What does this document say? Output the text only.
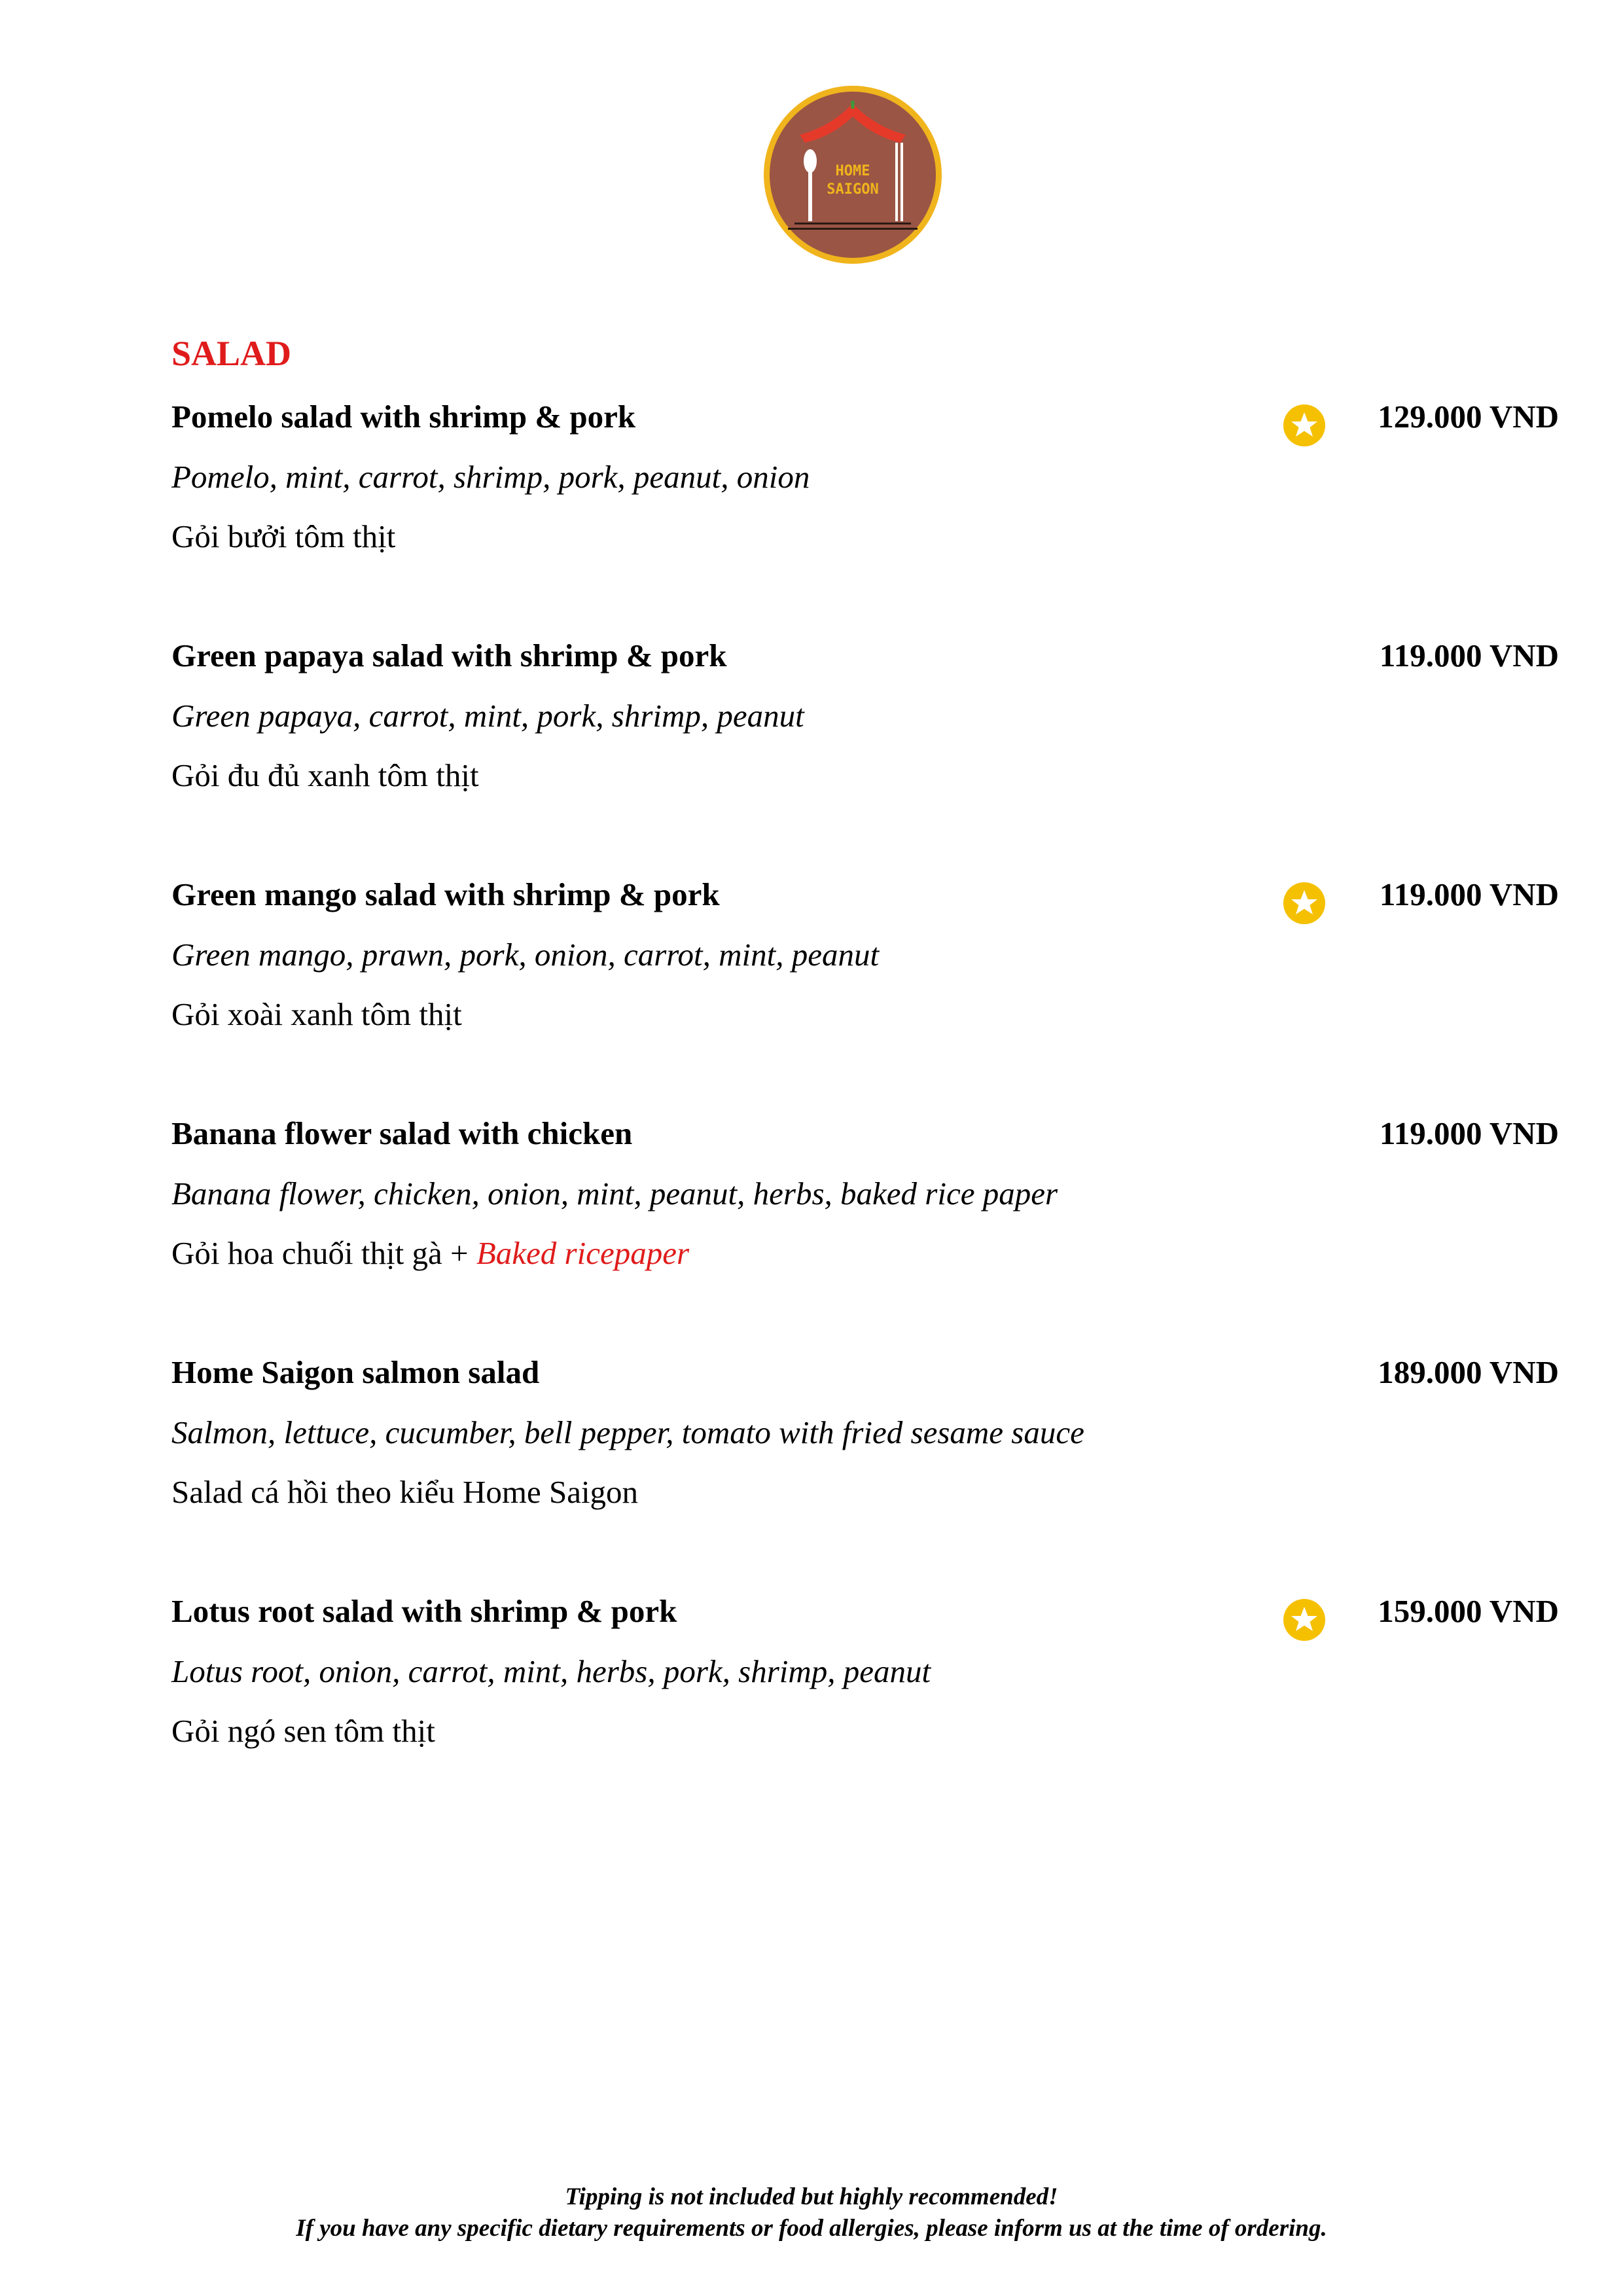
HOME
SAIGON
SALAD
Pomelo salad with shrimp & pork	129.000 VND
Pomelo, mint, carrot, shrimp, pork, peanut, onion
Gỏi bưởi tôm thịt
Green papaya salad with shrimp & pork	119.000 VND
Green papaya, carrot, mint, pork, shrimp, peanut
Gỏi đu đủ xanh tôm thịt
Green mango salad with shrimp & pork	119.000 VND
Green mango, prawn, pork, onion, carrot, mint, peanut
Gỏi xoài xanh tôm thịt
Banana flower salad with chicken	119.000 VND
Banana flower, chicken, onion, mint, peanut, herbs, baked rice paper
Gỏi hoa chuối thịt gà + Baked ricepaper
Home Saigon salmon salad	189.000 VND
Salmon, lettuce, cucumber, bell pepper, tomato with fried sesame sauce
Salad cá hồi theo kiểu Home Saigon
Lotus root salad with shrimp & pork	159.000 VND
Lotus root, onion, carrot, mint, herbs, pork, shrimp, peanut
Gỏi ngó sen tôm thịt
Tipping is not included but highly recommended!
If you have any specific dietary requirements or food allergies, please inform us at the time of ordering.
